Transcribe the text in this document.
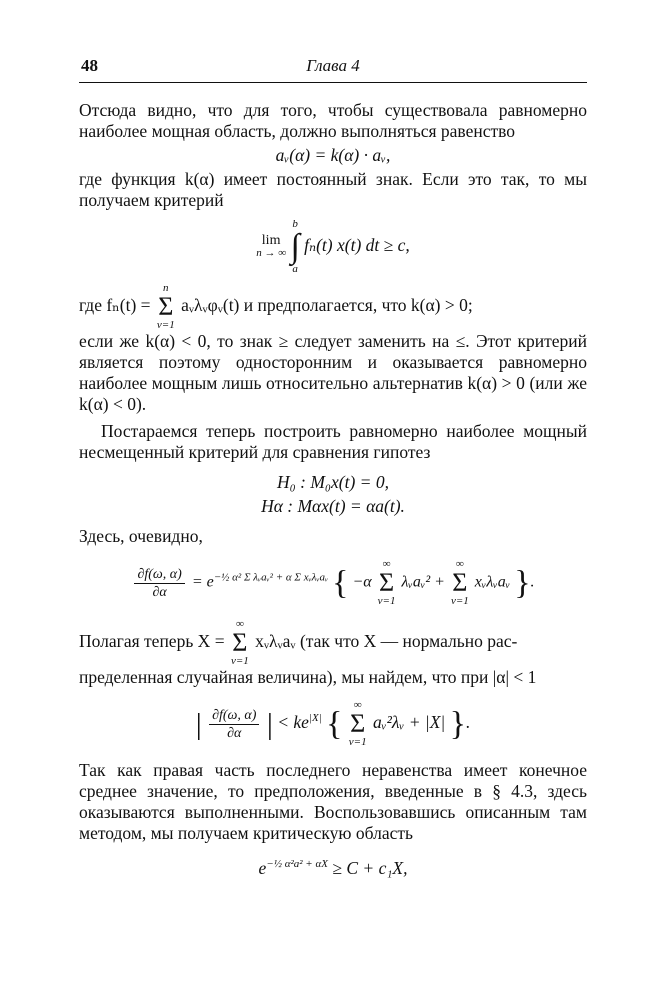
48	Глава 4

Отсюда видно, что для того, чтобы существовала равномерно наиболее мощная область, должно выполняться равенство

aᵥ(α) = k(α) · aᵥ,

где функция k(α) имеет постоянный знак. Если это так, то мы получаем критерий

lim
n → ∞

b
∫
a
fₙ(t) x(t) dt ≥ c,

где fₙ(t) =
n
Σ
ν=1
aᵥλᵥφᵥ(t) и предполагается, что k(α) > 0;

если же k(α) < 0, то знак ≥ следует заменить на ≤. Этот критерий является поэтому односторонним и оказывается равномерно наиболее мощным лишь относительно альтернатив k(α) > 0 (или же k(α) < 0).

Постараемся теперь построить равномерно наиболее мощный несмещенный критерий для сравнения гипотез

H₀ : M₀x(t) = 0,
Hα : Mαx(t) = αa(t).

Здесь, очевидно,

$\frac{\partial f(\omega, \alpha)}{\partial\alpha} = e^{-\frac{1}{2} \alpha^2 \Sigma \lambda ᵥaᵥ^2 + \alpha \Sigma xᵥ\lambda ᵥaᵥ}$ { −α
∞
Σ
ν=1
λᵥaᵥ² +
∞
Σ
ν=1
xᵥλᵥaᵥ }.

Полагая теперь X =
∞
Σ
ν=1
xᵥλᵥaᵥ (так что X — нормально рас-

пределенная случайная величина), мы найдем, что при |α| < 1

| $\frac{\partial f(\omega, \alpha)}{\partial\alpha}$ | < $ke^{|X|}$ {
∞
Σ
ν=1
aᵥ²λᵥ + |X| }.

Так как правая часть последнего неравенства имеет конечное среднее значение, то предположения, введенные в § 4.3, здесь оказываются выполненными. Воспользовавшись описанным там методом, мы получаем критическую область

$e^{-\frac{1}{2} \alpha^2a^2 + \alpha X} \ge C + c_1X$,
